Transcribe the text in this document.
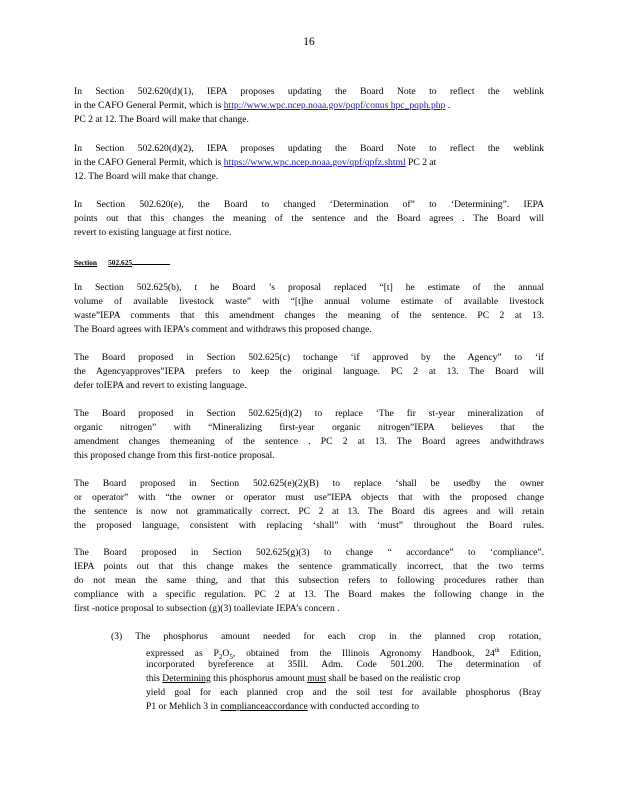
16
In Section 502.620(d)(1), IEPA proposes updating the Board Note to reflect the weblink
in the CAFO General Permit, which is http://www.wpc.ncep.noaa.gov/pqpf/conus hpc_pqph.php .
PC 2 at 12. The Board will make that change.
In Section 502.620(d)(2), IEPA proposes updating the Board Note to reflect the weblink
in the CAFO General Permit, which is https://www.wpc.ncep.noaa.gov/qpf/qpfz.shtml PC 2 at
12. The Board will make that change.
In Section 502.620(e), the Board to changed ‘Determination of” to ‘Determining”. IEPA
points out that this changes the meaning of the sentence and the Board agrees . The Board will
revert to existing language at first notice.
Section 502.625
In Section 502.625(b), t he Board ’s proposal replaced “[t] he estimate of the annual
volume of available livestock waste” with “[t]he annual volume estimate of available livestock
waste”IEPA comments that this amendment changes the meaning of the sentence. PC 2 at 13.
The Board agrees with IEPA’s comment and withdraws this proposed change.
The Board proposed in Section 502.625(c) tochange ‘if approved by the Agency” to ‘if
the Agencyapproves”IEPA prefers to keep the original language. PC 2 at 13. The Board will
defer toIEPA and revert to existing language.
The Board proposed in Section 502.625(d)(2) to replace ‘The fir st-year mineralization of
organic nitrogen” with “Mineralizing first-year organic nitrogen”IEPA believes that the
amendment changes themeaning of the sentence . PC 2 at 13. The Board agrees andwithdraws
this proposed change from this first-notice proposal.
The Board proposed in Section 502.625(e)(2)(B) to replace ‘shall be usedby the owner
or operator” with “the owner or operator must use”IEPA objects that with the proposed change
the sentence is now not grammatically correct. PC 2 at 13. The Board dis agrees and will retain
the proposed language, consistent with replacing ‘shall” with ‘must” throughout the Board rules.
The Board proposed in Section 502.625(g)(3) to change “ accordance” to ‘compliance”.
IEPA points out that this change makes the sentence grammatically incorrect, that the two terms
do not mean the same thing, and that this subsection refers to following procedures rather than
compliance with a specific regulation. PC 2 at 13. The Board makes the following change in the
first -notice proposal to subsection (g)(3) toalleviate IEPA’s concern .
(3) The phosphorus amount needed for each crop in the planned crop rotation,
expressed as $P_2O_5$, obtained from the Illinois Agronomy Handbook, 24th Edition,
incorporated byreference at 35Ill. Adm. Code 501.200. The determination of
this Determining this phosphorus amount must shall be based on the realistic crop
yield goal for each planned crop and the soil test for available phosphorus (Bray
P1 or Mehlich 3 in complianceaccordance with conducted according to
